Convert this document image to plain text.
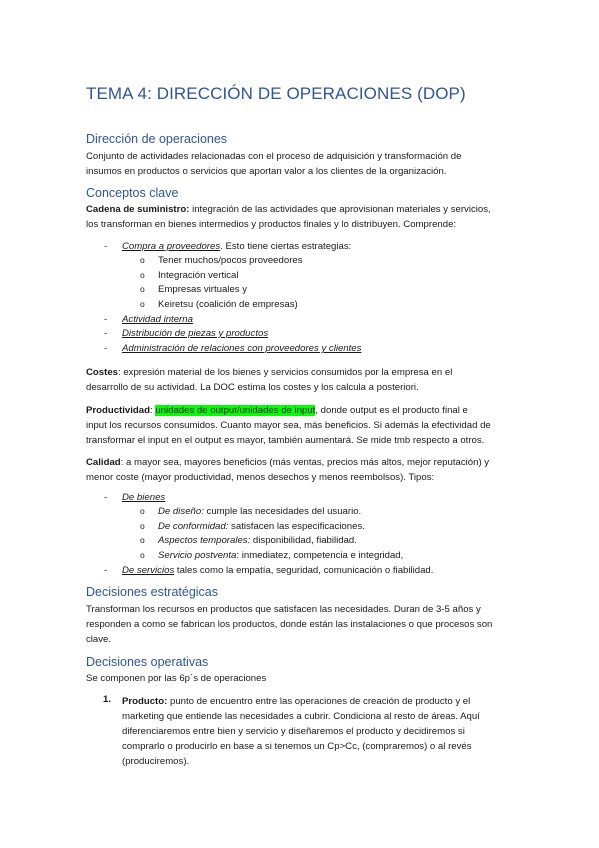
TEMA 4: DIRECCIÓN DE OPERACIONES (DOP)
Dirección de operaciones
Conjunto de actividades relacionadas con el proceso de adquisición y transformación de
insumos en productos o servicios que aportan valor a los clientes de la organización.
Conceptos clave
Cadena de suministro: integración de las actividades que aprovisionan materiales y servicios,
los transforman en bienes intermedios y productos finales y lo distribuyen. Comprende:
- Compra a proveedores. Esto tiene ciertas estrategias:
o Tener muchos/pocos proveedores
o Integración vertical
o Empresas virtuales y
o Keiretsu (coalición de empresas)
- Actividad interna
- Distribución de piezas y productos
- Administración de relaciones con proveedores y clientes
Costes: expresión material de los bienes y servicios consumidos por la empresa en el
desarrollo de su actividad. La DOC estima los costes y los calcula a posteriori.
Productividad: unidades de output/unidades de input, donde output es el producto final e
input los recursos consumidos. Cuanto mayor sea, más beneficios. Si además la efectividad de
transformar el input en el output es mayor, también aumentará. Se mide tmb respecto a otros.
Calidad: a mayor sea, mayores beneficios (más ventas, precios más altos, mejor reputación) y
menor coste (mayor productividad, menos desechos y menos reembolsos). Tipos:
- De bienes
o De diseño: cumple las necesidades del usuario.
o De conformidad: satisfacen las especificaciones.
o Aspectos temporales: disponibilidad, fiabilidad.
o Servicio postventa: inmediatez, competencia e integridad,
- De servicios tales como la empatía, seguridad, comunicación o fiabilidad.
Decisiones estratégicas
Transforman los recursos en productos que satisfacen las necesidades. Duran de 3-5 años y
responden a como se fabrican los productos, donde están las instalaciones o que procesos son
clave.
Decisiones operativas
Se componen por las 6p´s de operaciones
1. Producto: punto de encuentro entre las operaciones de creación de producto y el
marketing que entiende las necesidades a cubrir. Condiciona al resto de áreas. Aquí
diferenciaremos entre bien y servicio y diseñaremos el producto y decidiremos si
comprarlo o producirlo en base a si tenemos un Cp>Cc, (compraremos) o al revés
(produciremos).
